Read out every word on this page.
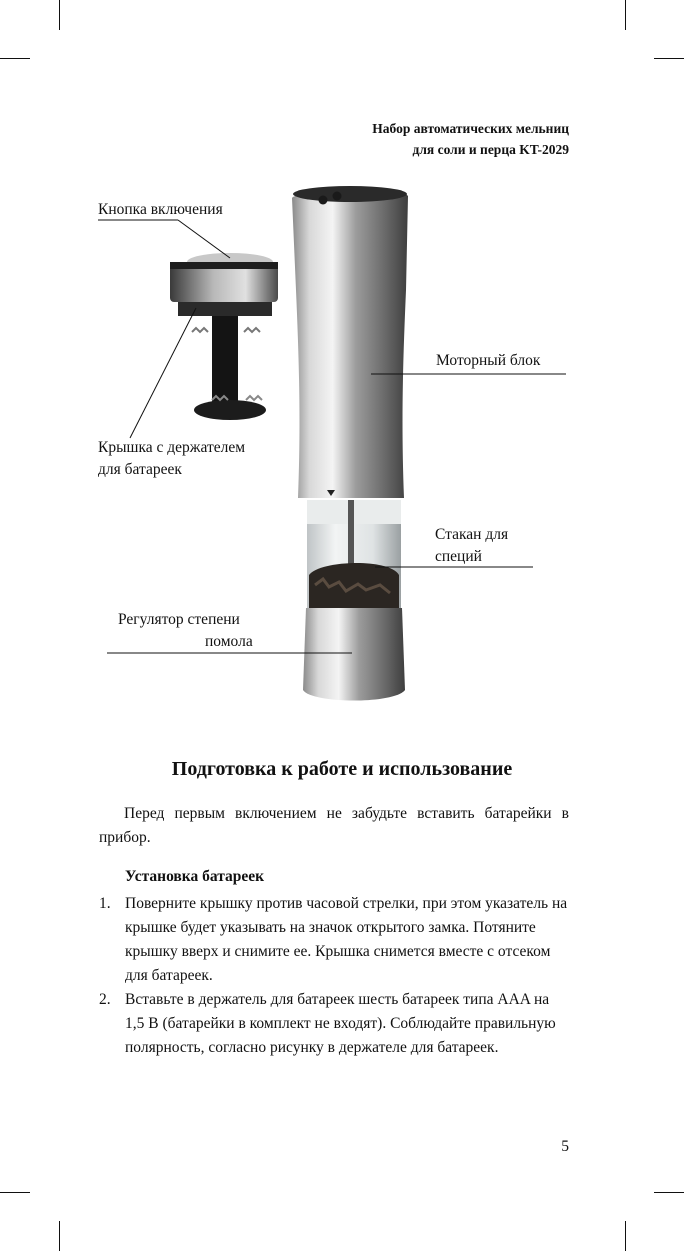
Набор автоматических мельниц
для соли и перца KT-2029
Кнопка включения
Моторный блок
Крышка с держателем
для батареек
Стакан для
специй
Регулятор степени
помола
Подготовка к работе и использование
Перед первым включением не забудьте вставить батарейки в прибор.
Установка батареек
1. Поверните крышку против часовой стрелки, при этом указатель на крышке будет указывать на значок открытого замка. Потяните крышку вверх и снимите ее. Крышка снимется вместе с отсеком для батареек.
2. Вставьте в держатель для батареек шесть батареек типа AAA на 1,5 В (батарейки в комплект не входят). Соблюдайте правильную полярность, согласно рисунку в держателе для батареек.
5
